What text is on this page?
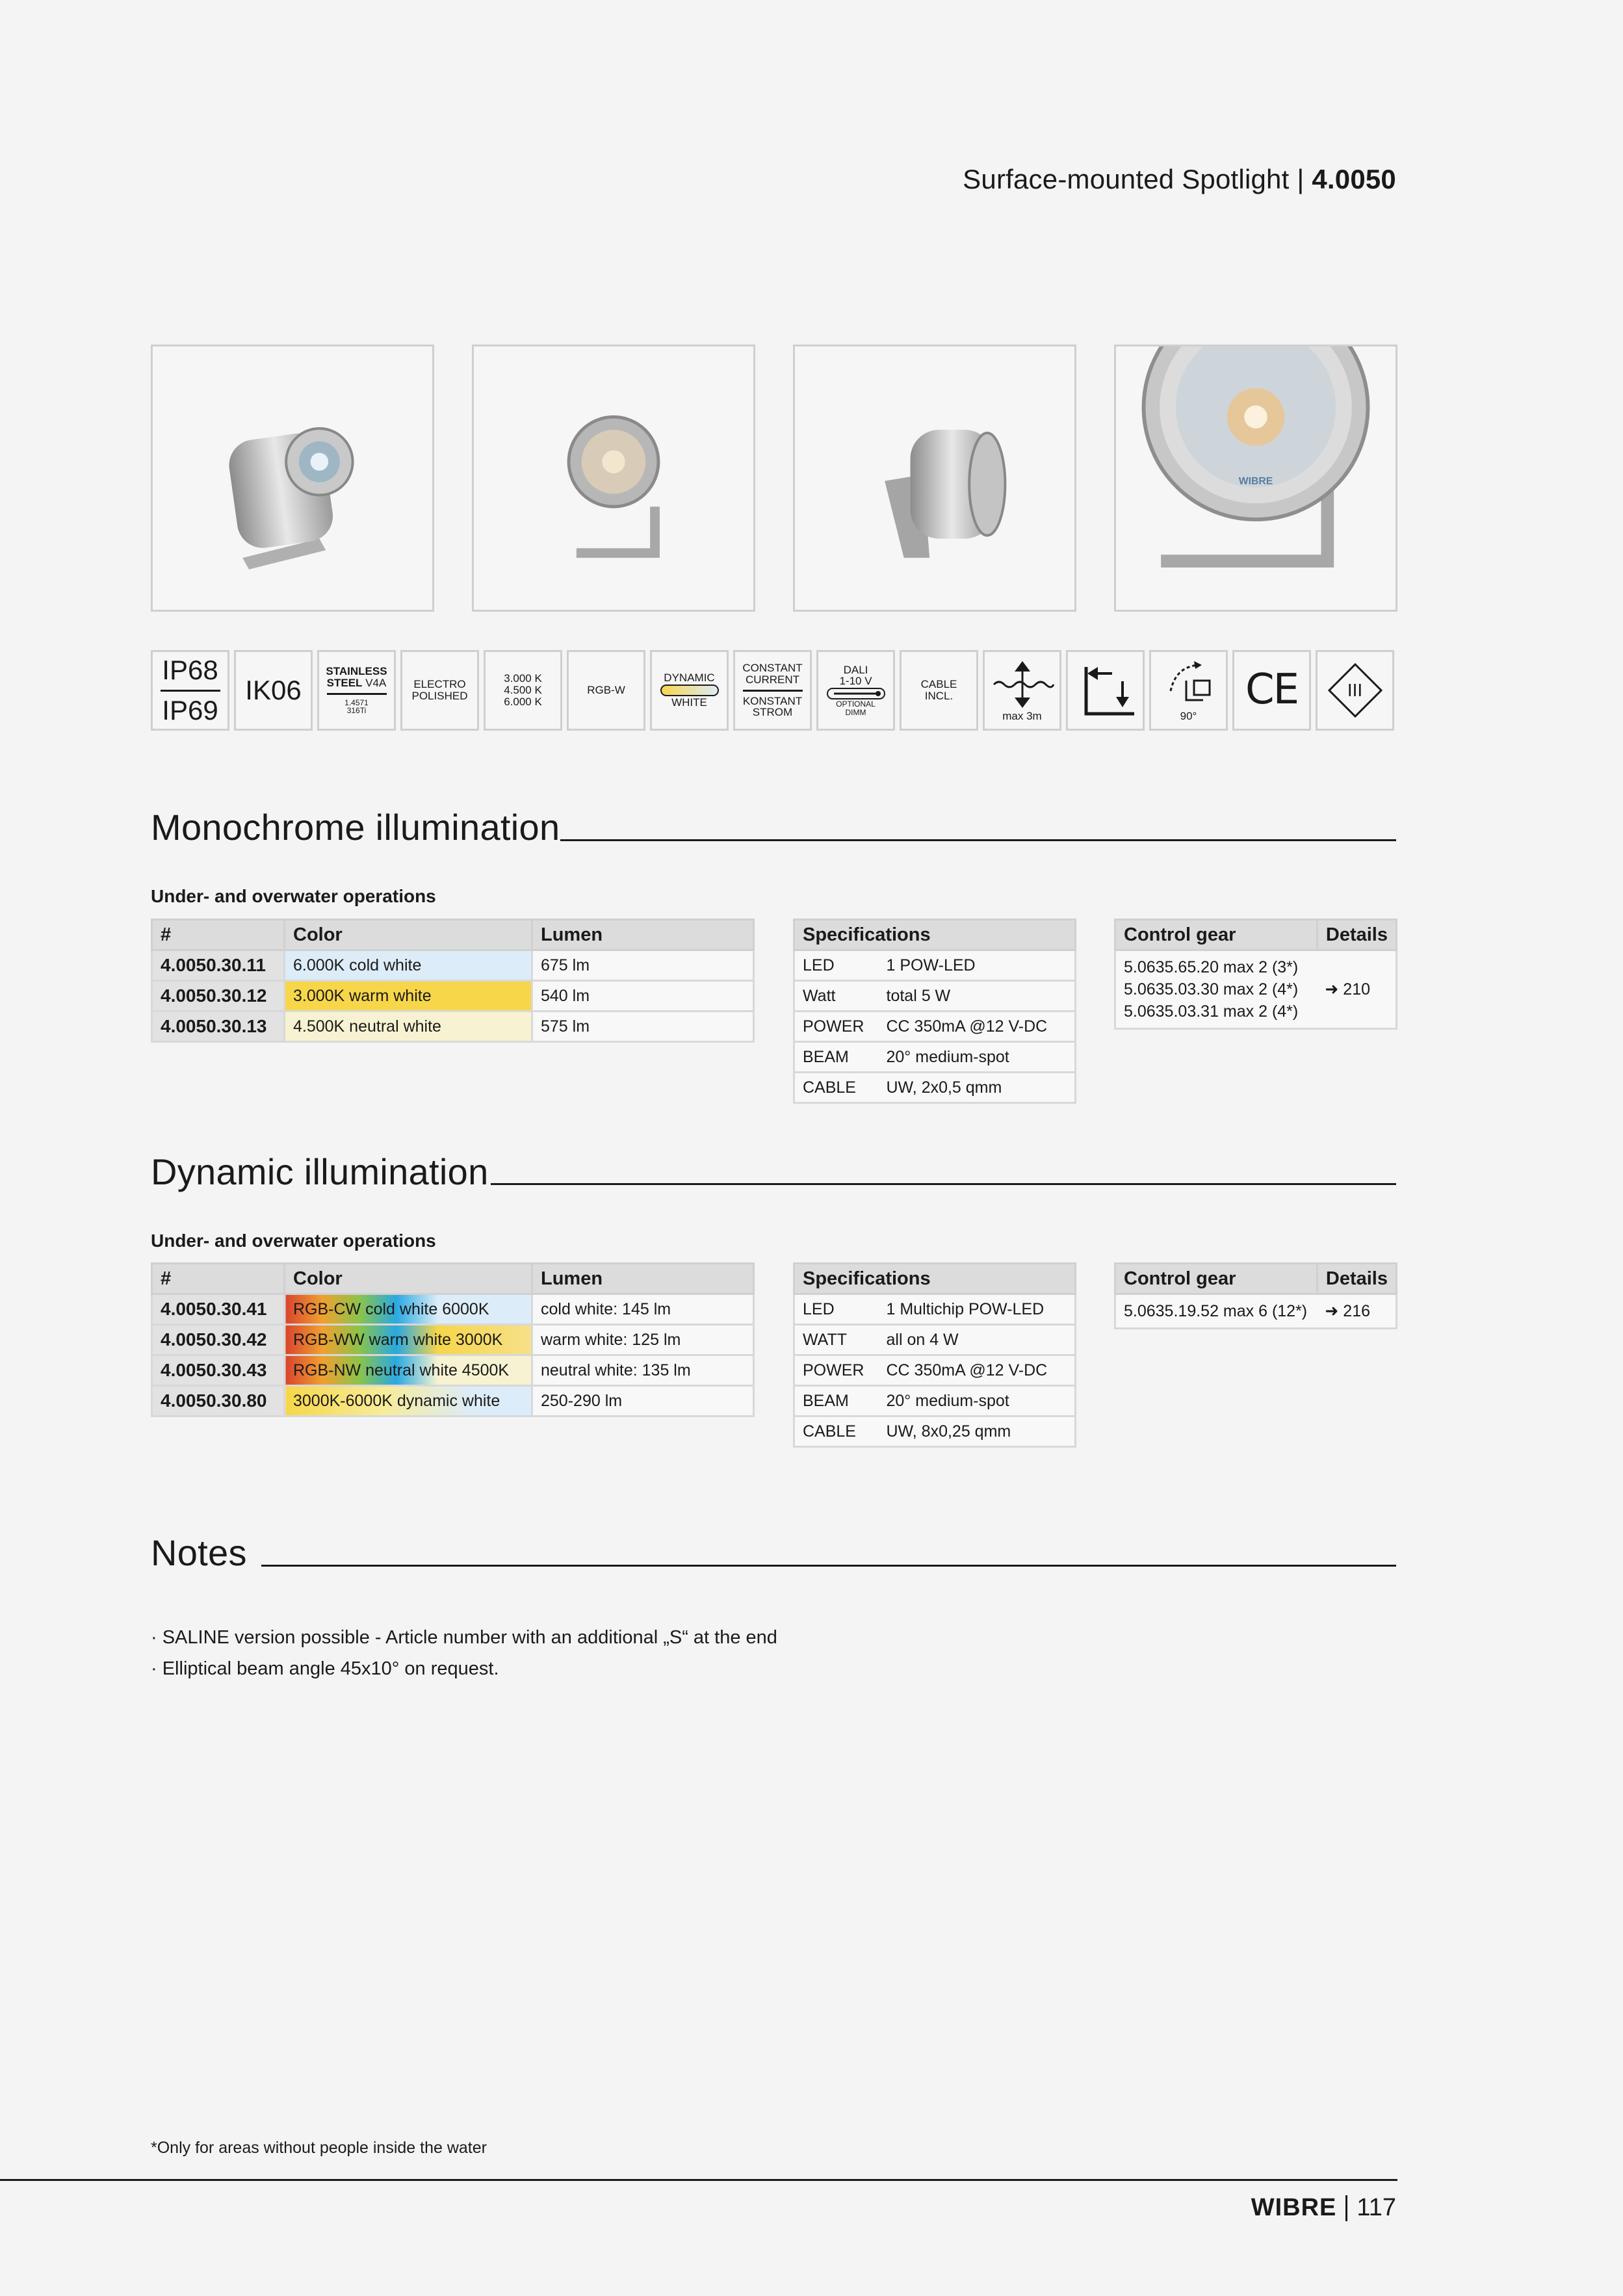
Surface-mounted Spotlight | 4.0050
WIBRE
IP68
IP69
IK06
STAINLESS
STEEL V4A
1.4571
316Ti
ELECTRO
POLISHED
3.000 K
4.500 K
6.000 K
RGB-W
DYNAMIC
WHITE
CONSTANT
CURRENT
KONSTANT
STROM
DALI
1-10 V
OPTIONAL
DIMM
CABLE
INCL.
max 3m	90°
CE	III
Monochrome illumination
Under- and overwater operations
#	Color	Lumen
4.0050.30.11	6.000K cold white	675 lm
4.0050.30.12	3.000K warm white	540 lm
4.0050.30.13	4.500K neutral white	575 lm
Specifications	
LED	1 POW-LED
Watt	total 5 W
POWER	CC 350mA @12 V-DC
BEAM	20° medium-spot
CABLE	UW, 2x0,5 qmm
Control gear	Details

5.0635.65.20 max 2 (3*)
5.0635.03.30 max 2 (4*)
5.0635.03.31 max 2 (4*)	➜ 210
Dynamic illumination
Under- and overwater operations
#	Color	Lumen
4.0050.30.41	RGB-CW cold white 6000K	cold white: 145 lm
4.0050.30.42	RGB-WW warm white 3000K	warm white: 125 lm
4.0050.30.43	RGB-NW neutral white 4500K	neutral white: 135 lm
4.0050.30.80	3000K-6000K dynamic white	250-290 lm
Specifications	
LED	1 Multichip POW-LED
WATT	all on 4 W
POWER	CC 350mA @12 V-DC
BEAM	20° medium-spot
CABLE	UW, 8x0,25 qmm
Control gear	Details
5.0635.19.52 max 6 (12*)	➜ 216
Notes
· SALINE version possible - Article number with an additional „S“ at the end
· Elliptical beam angle 45x10° on request.
*Only for areas without people inside the water
WIBRE 117
